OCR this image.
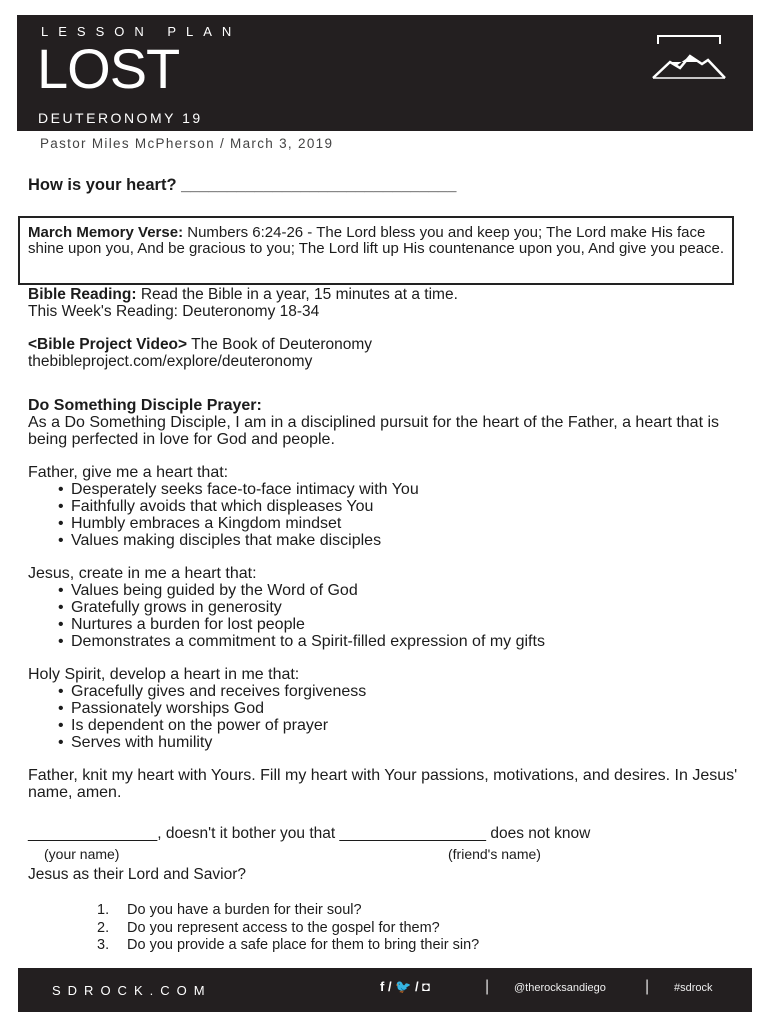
LESSON PLAN
LOST
DEUTERONOMY 19
Pastor Miles McPherson / March 3, 2019
How is your heart? ______________________________
March Memory Verse: Numbers 6:24-26 - The Lord bless you and keep you; The Lord make His face shine upon you, And be gracious to you; The Lord lift up His countenance upon you, And give you peace.
Bible Reading: Read the Bible in a year, 15 minutes at a time.
This Week's Reading: Deuteronomy 18-34
<Bible Project Video> The Book of Deuteronomy
thebibleproject.com/explore/deuteronomy

Do Something Disciple Prayer:

As a Do Something Disciple, I am in a disciplined pursuit for the heart of the Father, a heart that is being perfected in love for God and people.

Father, give me a heart that:

• Desperately seeks face-to-face intimacy with You
• Faithfully avoids that which displeases You
• Humbly embraces a Kingdom mindset
• Values making disciples that make disciples

Jesus, create in me a heart that:

• Values being guided by the Word of God
• Gratefully grows in generosity
• Nurtures a burden for lost people
• Demonstrates a commitment to a Spirit-filled expression of my gifts

Holy Spirit, develop a heart in me that:

• Gracefully gives and receives forgiveness
• Passionately worships God
• Is dependent on the power of prayer
• Serves with humility

Father, knit my heart with Yours. Fill my heart with Your passions, motivations, and desires. In Jesus' name, amen.

_______________, doesn't it bother you that _________________ does not know
(your name)	(friend's name)
Jesus as their Lord and Savior?
1.	Do you have a burden for their soul?
2.	Do you represent access to the gospel for them?
3.	Do you provide a safe place for them to bring their sin?
SDROCK.COM	f / 🐦 / ◘	| @therocksandiego | #sdrock
